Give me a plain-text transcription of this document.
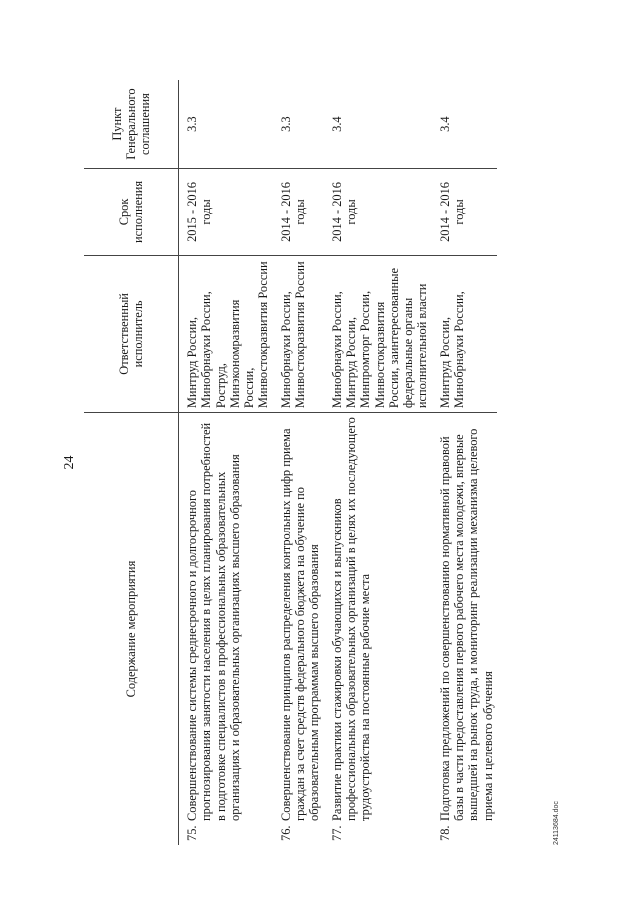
24
Содержание мероприятия	Ответственный исполнитель	Срок исполнения	Пункт Генерального соглашения

75.
Совершенствование системы среднесрочного и долгосрочного прогнозирования занятости населения в целях планирования потребностей в подготовке специалистов в профессиональных образовательных организациях и образовательных организациях высшего образования	Минтруд России, Минобрнауки России, Роструд, Минэкономразвития России, Минвостокразвития России	2015 - 2016 годы	3.3

76.
Совершенствование принципов распределения контрольных цифр приема граждан за счет средств федерального бюджета на обучение по образовательным программам высшего образования	Минобрнауки России, Минвостокразвития России	2014 - 2016 годы	3.3

77.
Развитие практики стажировки обучающихся и выпускников профессиональных образовательных организаций в целях их последующего трудоустройства на постоянные рабочие места	Минобрнауки России, Минтруд России, Минпромторг России, Минвостокразвития России, заинтересованные федеральные органы исполнительной власти	2014 - 2016 годы	3.4

78.
Подготовка предложений по совершенствованию нормативной правовой базы в части предоставления первого рабочего места молодежи, впервые вышедшей на рынок труда, и мониторинг реализации механизма целевого приема и целевого обучения	Минтруд России, Минобрнауки России,	2014 - 2016 годы	3.4
24113684.doc
